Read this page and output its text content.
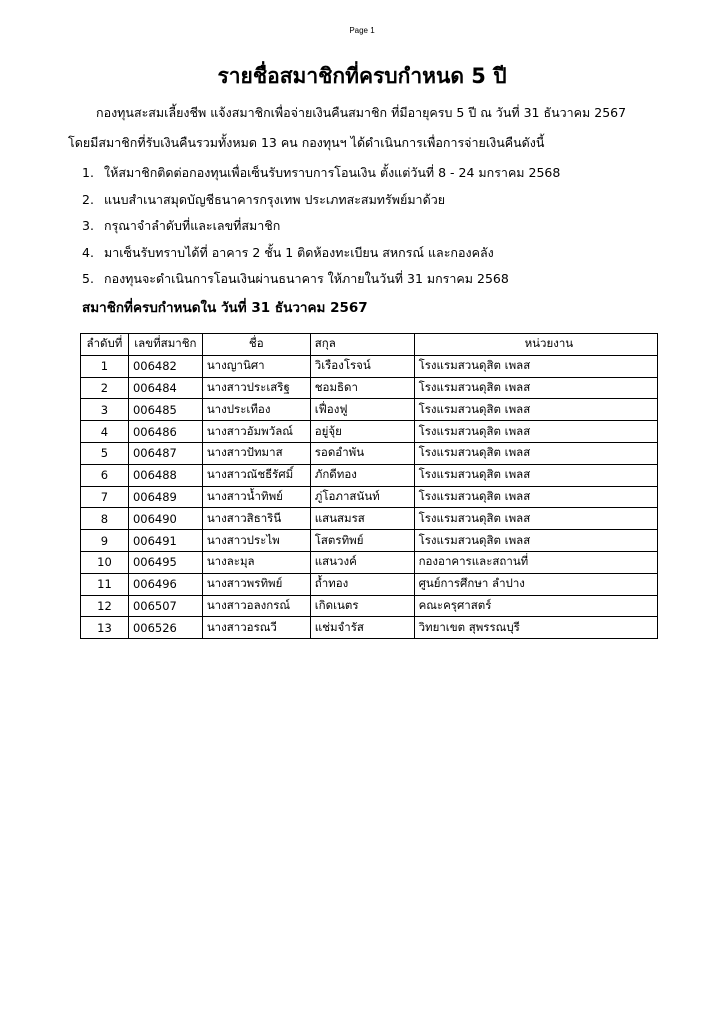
Page 1
รายชื่อสมาชิกที่ครบกำหนด 5 ปี
กองทุนสะสมเลี้ยงชีพ แจ้งสมาชิกเพื่อจ่ายเงินคืนสมาชิก ที่มีอายุครบ 5 ปี ณ วันที่ 31 ธันวาคม 2567
โดยมีสมาชิกที่รับเงินคืนรวมทั้งหมด 13 คน กองทุนฯ ได้ดำเนินการเพื่อการจ่ายเงินคืนดังนี้
1. ให้สมาชิกติดต่อกองทุนเพื่อเซ็นรับทราบการโอนเงิน ตั้งแต่วันที่ 8 - 24 มกราคม 2568
2. แนบสำเนาสมุดบัญชีธนาคารกรุงเทพ ประเภทสะสมทรัพย์มาด้วย
3. กรุณาจำลำดับที่และเลขที่สมาชิก
4. มาเซ็นรับทราบได้ที่ อาคาร 2 ชั้น 1 ติดห้องทะเบียน สหกรณ์ และกองคลัง
5. กองทุนจะดำเนินการโอนเงินผ่านธนาคาร ให้ภายในวันที่ 31 มกราคม 2568
สมาชิกที่ครบกำหนดใน วันที่ 31 ธันวาคม 2567
ลำดับที่	เลขที่สมาชิก	ชื่อ	สกุล	หน่วยงาน
1	006482	นางญานิศา	วิเรืองโรจน์	โรงแรมสวนดุสิต เพลส
2	006484	นางสาวประเสริฐ	ชอมธิดา	โรงแรมสวนดุสิต เพลส
3	006485	นางประเทือง	เฟื่องฟู	โรงแรมสวนดุสิต เพลส
4	006486	นางสาวอัมพวัลณ์	อยู่จุ้ย	โรงแรมสวนดุสิต เพลส
5	006487	นางสาวปัทมาส	รอดอำพัน	โรงแรมสวนดุสิต เพลส
6	006488	นางสาวณัชธีรัศมิ์	ภักดีทอง	โรงแรมสวนดุสิต เพลส
7	006489	นางสาวน้ำทิพย์	ภู่โอภาสนันท์	โรงแรมสวนดุสิต เพลส
8	006490	นางสาวสิธารินี	แสนสมรส	โรงแรมสวนดุสิต เพลส
9	006491	นางสาวประไพ	โสตรทิพย์	โรงแรมสวนดุสิต เพลส
10	006495	นางละมุล	แสนวงค์	กองอาคารและสถานที่
11	006496	นางสาวพรทิพย์	ถ้ำทอง	ศูนย์การศึกษา ลำปาง
12	006507	นางสาวอลงกรณ์	เกิดเนตร	คณะครุศาสตร์
13	006526	นางสาวอรณวี	แช่มจำรัส	วิทยาเขต สุพรรณบุรี
